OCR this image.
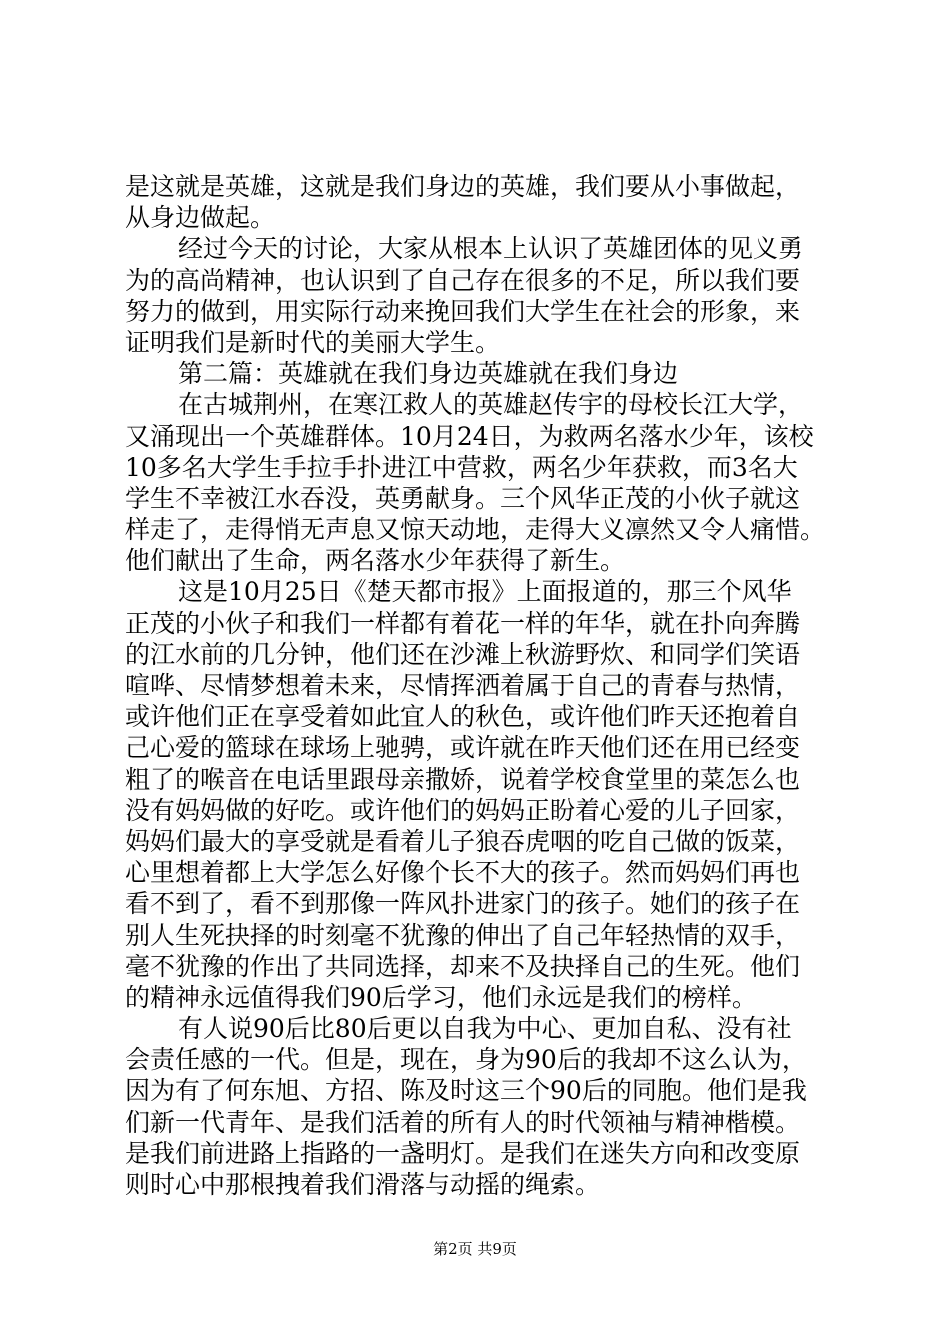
是这就是英雄，这就是我们身边的英雄，我们要从小事做起，
从身边做起。
经过今天的讨论，大家从根本上认识了英雄团体的见义勇
为的高尚精神，也认识到了自己存在很多的不足，所以我们要
努力的做到，用实际行动来挽回我们大学生在社会的形象，来
证明我们是新时代的美丽大学生。
第二篇：英雄就在我们身边英雄就在我们身边
在古城荆州，在寒江救人的英雄赵传宇的母校长江大学，
又涌现出一个英雄群体。10月24日，为救两名落水少年，该校
10多名大学生手拉手扑进江中营救，两名少年获救，而3名大
学生不幸被江水吞没，英勇献身。三个风华正茂的小伙子就这
样走了，走得悄无声息又惊天动地，走得大义凛然又令人痛惜。
他们献出了生命，两名落水少年获得了新生。
这是10月25日《楚天都市报》上面报道的，那三个风华
正茂的小伙子和我们一样都有着花一样的年华，就在扑向奔腾
的江水前的几分钟，他们还在沙滩上秋游野炊、和同学们笑语
喧哗、尽情梦想着未来，尽情挥洒着属于自己的青春与热情，
或许他们正在享受着如此宜人的秋色，或许他们昨天还抱着自
己心爱的篮球在球场上驰骋，或许就在昨天他们还在用已经变
粗了的喉音在电话里跟母亲撒娇，说着学校食堂里的菜怎么也
没有妈妈做的好吃。或许他们的妈妈正盼着心爱的儿子回家，
妈妈们最大的享受就是看着儿子狼吞虎咽的吃自己做的饭菜，
心里想着都上大学怎么好像个长不大的孩子。然而妈妈们再也
看不到了，看不到那像一阵风扑进家门的孩子。她们的孩子在
别人生死抉择的时刻毫不犹豫的伸出了自己年轻热情的双手，
毫不犹豫的作出了共同选择，却来不及抉择自己的生死。他们
的精神永远值得我们90后学习，他们永远是我们的榜样。
有人说90后比80后更以自我为中心、更加自私、没有社
会责任感的一代。但是，现在，身为90后的我却不这么认为，
因为有了何东旭、方招、陈及时这三个90后的同胞。他们是我
们新一代青年、是我们活着的所有人的时代领袖与精神楷模。
是我们前进路上指路的一盏明灯。是我们在迷失方向和改变原
则时心中那根拽着我们滑落与动摇的绳索。
第2页 共9页
